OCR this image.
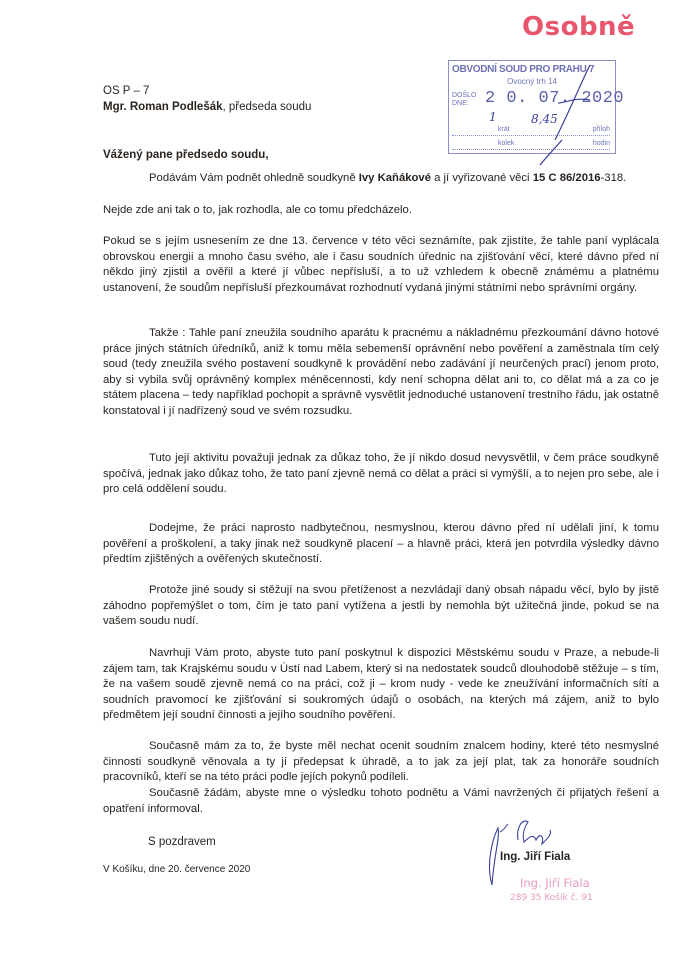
Osobně
OBVODNÍ SOUD PRO PRAHU 7
Ovocný trh 14
DOŠLO DNE: 2 0. 07. 2020
1	8,45
krát	příloh
kolek	hodin
OS P – 7
Mgr. Roman Podlešák, předseda soudu
Vážený pane předsedo soudu,
Podávám Vám podnět ohledně soudkyně Ivy Kaňákové a jí vyřizované věci 15 C 86/2016-318.
Nejde zde ani tak o to, jak rozhodla, ale co tomu předcházelo.
Pokud se s jejím usnesením ze dne 13. července v této věci seznámíte, pak zjistíte, že tahle paní vyplácala obrovskou energii a mnoho času svého, ale i času soudních úřednic na zjišťování věcí, které dávno před ní někdo jiný zjistil a ověřil a které jí vůbec nepřísluší, a to už vzhledem k obecně známému a platnému ustanovení, že soudům nepřísluší přezkoumávat rozhodnutí vydaná jinými státními nebo správními orgány.
Takže : Tahle paní zneužila soudního aparátu k pracnému a nákladnému přezkoumání dávno hotové práce jiných státních úředníků, aniž k tomu měla sebemenší oprávnění nebo pověření a zaměstnala tím celý soud (tedy zneužila svého postavení soudkyně k provádění nebo zadávání jí neurčených prací) jenom proto, aby si vybila svůj oprávněný komplex méněcennosti, kdy není schopna dělat ani to, co dělat má a za co je státem placena – tedy například pochopit a správně vysvětlit jednoduché ustanovení trestního řádu, jak ostatně konstatoval i jí nadřízený soud ve svém rozsudku.
Tuto její aktivitu považuji jednak za důkaz toho, že jí nikdo dosud nevysvětlil, v čem práce soudkyně spočívá, jednak jako důkaz toho, že tato paní zjevně nemá co dělat a práci si vymýšlí, a to nejen pro sebe, ale i pro celá oddělení soudu.
Dodejme, že práci naprosto nadbytečnou, nesmyslnou, kterou dávno před ní udělali jiní, k tomu pověření a proškolení, a taky jinak než soudkyně placení – a hlavně práci, která jen potvrdila výsledky dávno předtím zjištěných a ověřených skutečností.
Protože jiné soudy si stěžují na svou přetíženost a nezvládají daný obsah nápadu věcí, bylo by jistě záhodno popřemýšlet o tom, čím je tato paní vytížena a jestli by nemohla být užitečná jinde, pokud se na vašem soudu nudí.
Navrhuji Vám proto, abyste tuto paní poskytnul k dispozici Městskému soudu v Praze, a nebude-li zájem tam, tak Krajskému soudu v Ústí nad Labem, který si na nedostatek soudců dlouhodobě stěžuje – s tím, že na vašem soudě zjevně nemá co na práci, což ji – krom nudy - vede ke zneužívání informačních sítí a soudních pravomocí ke zjišťování si soukromých údajů o osobách, na kterých má zájem, aniž to bylo předmětem její soudní činnosti a jejího soudního pověření.
Současně mám za to, že byste měl nechat ocenit soudním znalcem hodiny, které této nesmyslné činnosti soudkyně věnovala a ty jí předepsat k úhradě, a to jak za její plat, tak za honoráře soudních pracovníků, kteří se na této práci podle jejích pokynů podíleli.
Současně žádám, abyste mne o výsledku tohoto podnětu a Vámi navržených či přijatých řešení a opatření informoval.
S pozdravem
V Košíku, dne 20. července 2020
Ing. Jiří Fiala
Ing. Jiří Fiala
289 35 Košík č. 91
